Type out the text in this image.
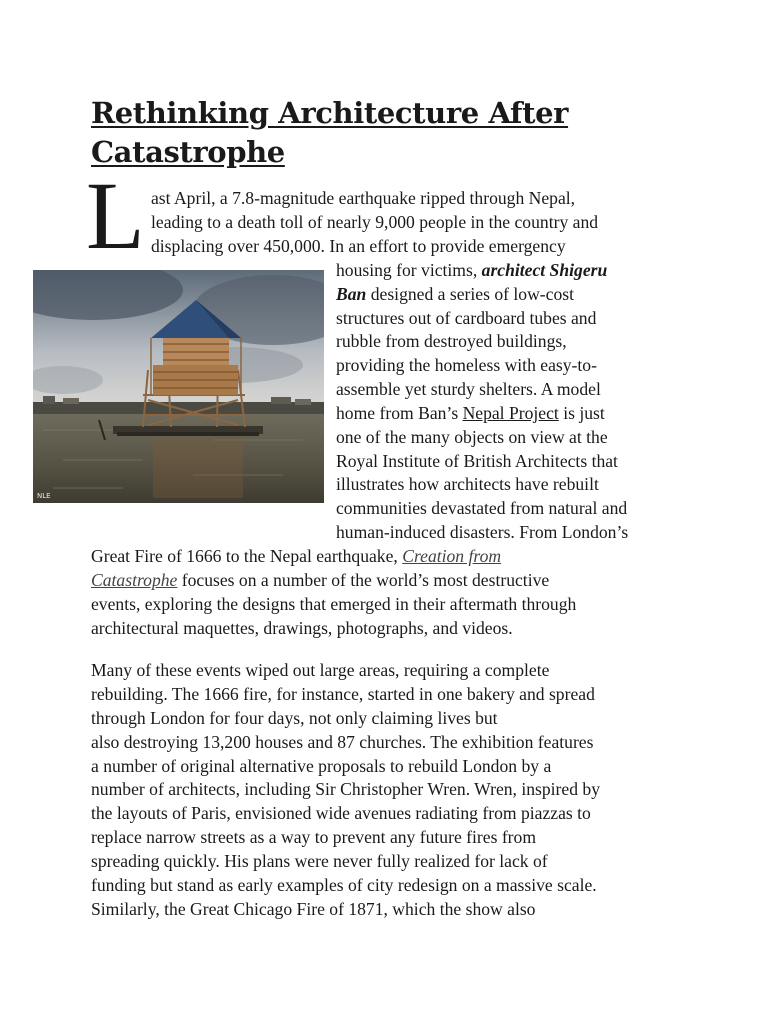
Rethinking Architecture After
Catastrophe
L
NLE
ast April, a 7.8-magnitude earthquake ripped through Nepal,
leading to a death toll of nearly 9,000 people in the country and
displacing over 450,000. In an effort to provide emergency
housing for victims, architect Shigeru
Ban designed a series of low-cost
structures out of cardboard tubes and
rubble from destroyed buildings,
providing the homeless with easy-to-
assemble yet sturdy shelters. A model
home from Ban’s Nepal Project is just
one of the many objects on view at the
Royal Institute of British Architects that
illustrates how architects have rebuilt
communities devastated from natural and
human-induced disasters. From London’s
Great Fire of 1666 to the Nepal earthquake, Creation from
Catastrophe focuses on a number of the world’s most destructive
events, exploring the designs that emerged in their aftermath through
architectural maquettes, drawings, photographs, and videos.
Many of these events wiped out large areas, requiring a complete
rebuilding. The 1666 fire, for instance, started in one bakery and spread
through London for four days, not only claiming lives but
also destroying 13,200 houses and 87 churches. The exhibition features
a number of original alternative proposals to rebuild London by a
number of architects, including Sir Christopher Wren. Wren, inspired by
the layouts of Paris, envisioned wide avenues radiating from piazzas to
replace narrow streets as a way to prevent any future fires from
spreading quickly. His plans were never fully realized for lack of
funding but stand as early examples of city redesign on a massive scale.
Similarly, the Great Chicago Fire of 1871, which the show also
